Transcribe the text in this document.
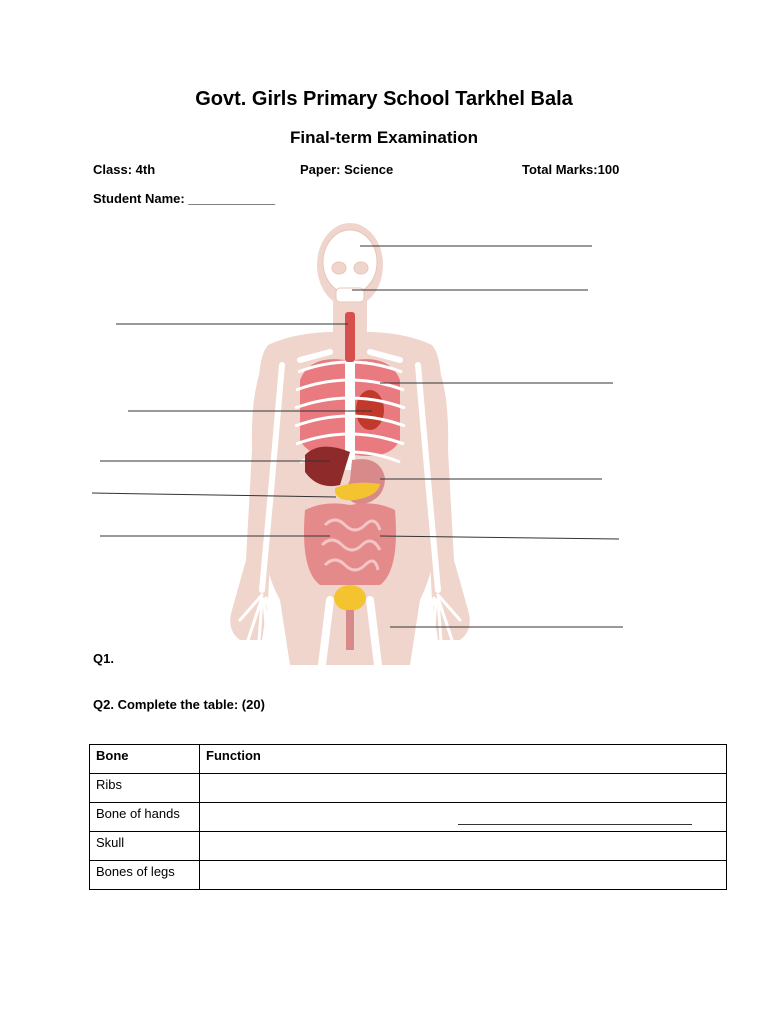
Govt. Girls Primary School Tarkhel Bala
Final-term Examination
Class: 4th	Paper: Science	Total Marks:100
Student Name: ____________
Q1.
Q2. Complete the table: (20)
Bone	Function
Ribs	
Bone of hands	

Skull	
Bones of legs	
